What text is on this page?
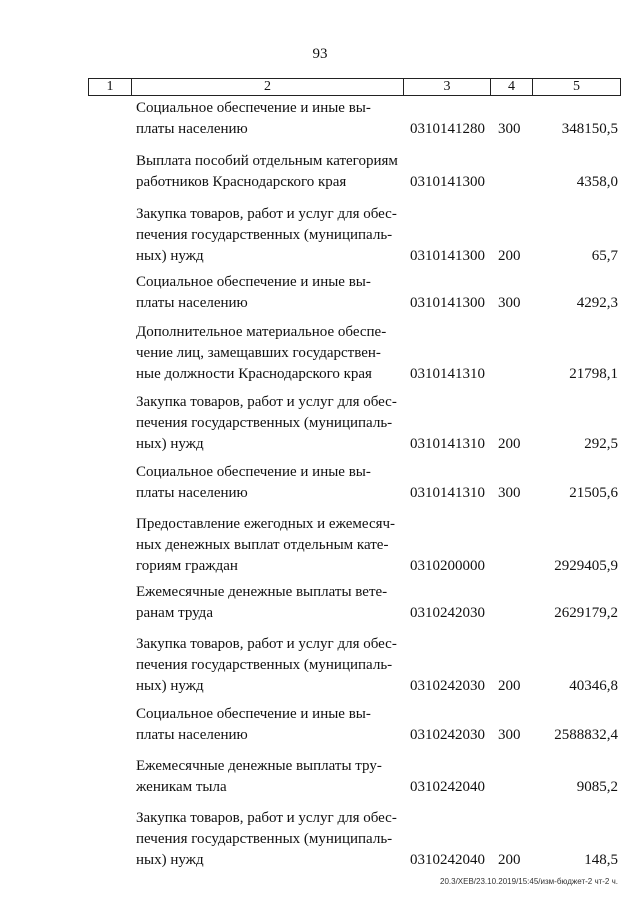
93
1	2	3	4	5
Социальное обеспечение и иные вы-
платы населению	0310141280 300	348150,5
Выплата пособий отдельным категориям
работников Краснодарского края	0310141300	4358,0
Закупка товаров, работ и услуг для обес-
печения государственных (муниципаль-
ных) нужд	0310141300 200	65,7
Социальное обеспечение и иные вы-
платы населению	0310141300 300	4292,3
Дополнительное материальное обеспе-
чение лиц, замещавших государствен-
ные должности Краснодарского края	0310141310	21798,1
Закупка товаров, работ и услуг для обес-
печения государственных (муниципаль-
ных) нужд	0310141310 200	292,5
Социальное обеспечение и иные вы-
платы населению	0310141310 300	21505,6
Предоставление ежегодных и ежемесяч-
ных денежных выплат отдельным кате-
гориям граждан	0310200000	2929405,9
Ежемесячные денежные выплаты вете-
ранам труда	0310242030	2629179,2
Закупка товаров, работ и услуг для обес-
печения государственных (муниципаль-
ных) нужд	0310242030 200	40346,8
Социальное обеспечение и иные вы-
платы населению	0310242030 300 2588832,4
Ежемесячные денежные выплаты тру-
женикам тыла	0310242040	9085,2
Закупка товаров, работ и услуг для обес-
печения государственных (муниципаль-
ных) нужд	0310242040 200	148,5
20.3/ХЕВ/23.10.2019/15:45/изм-бюджет-2 чт-2 ч.
